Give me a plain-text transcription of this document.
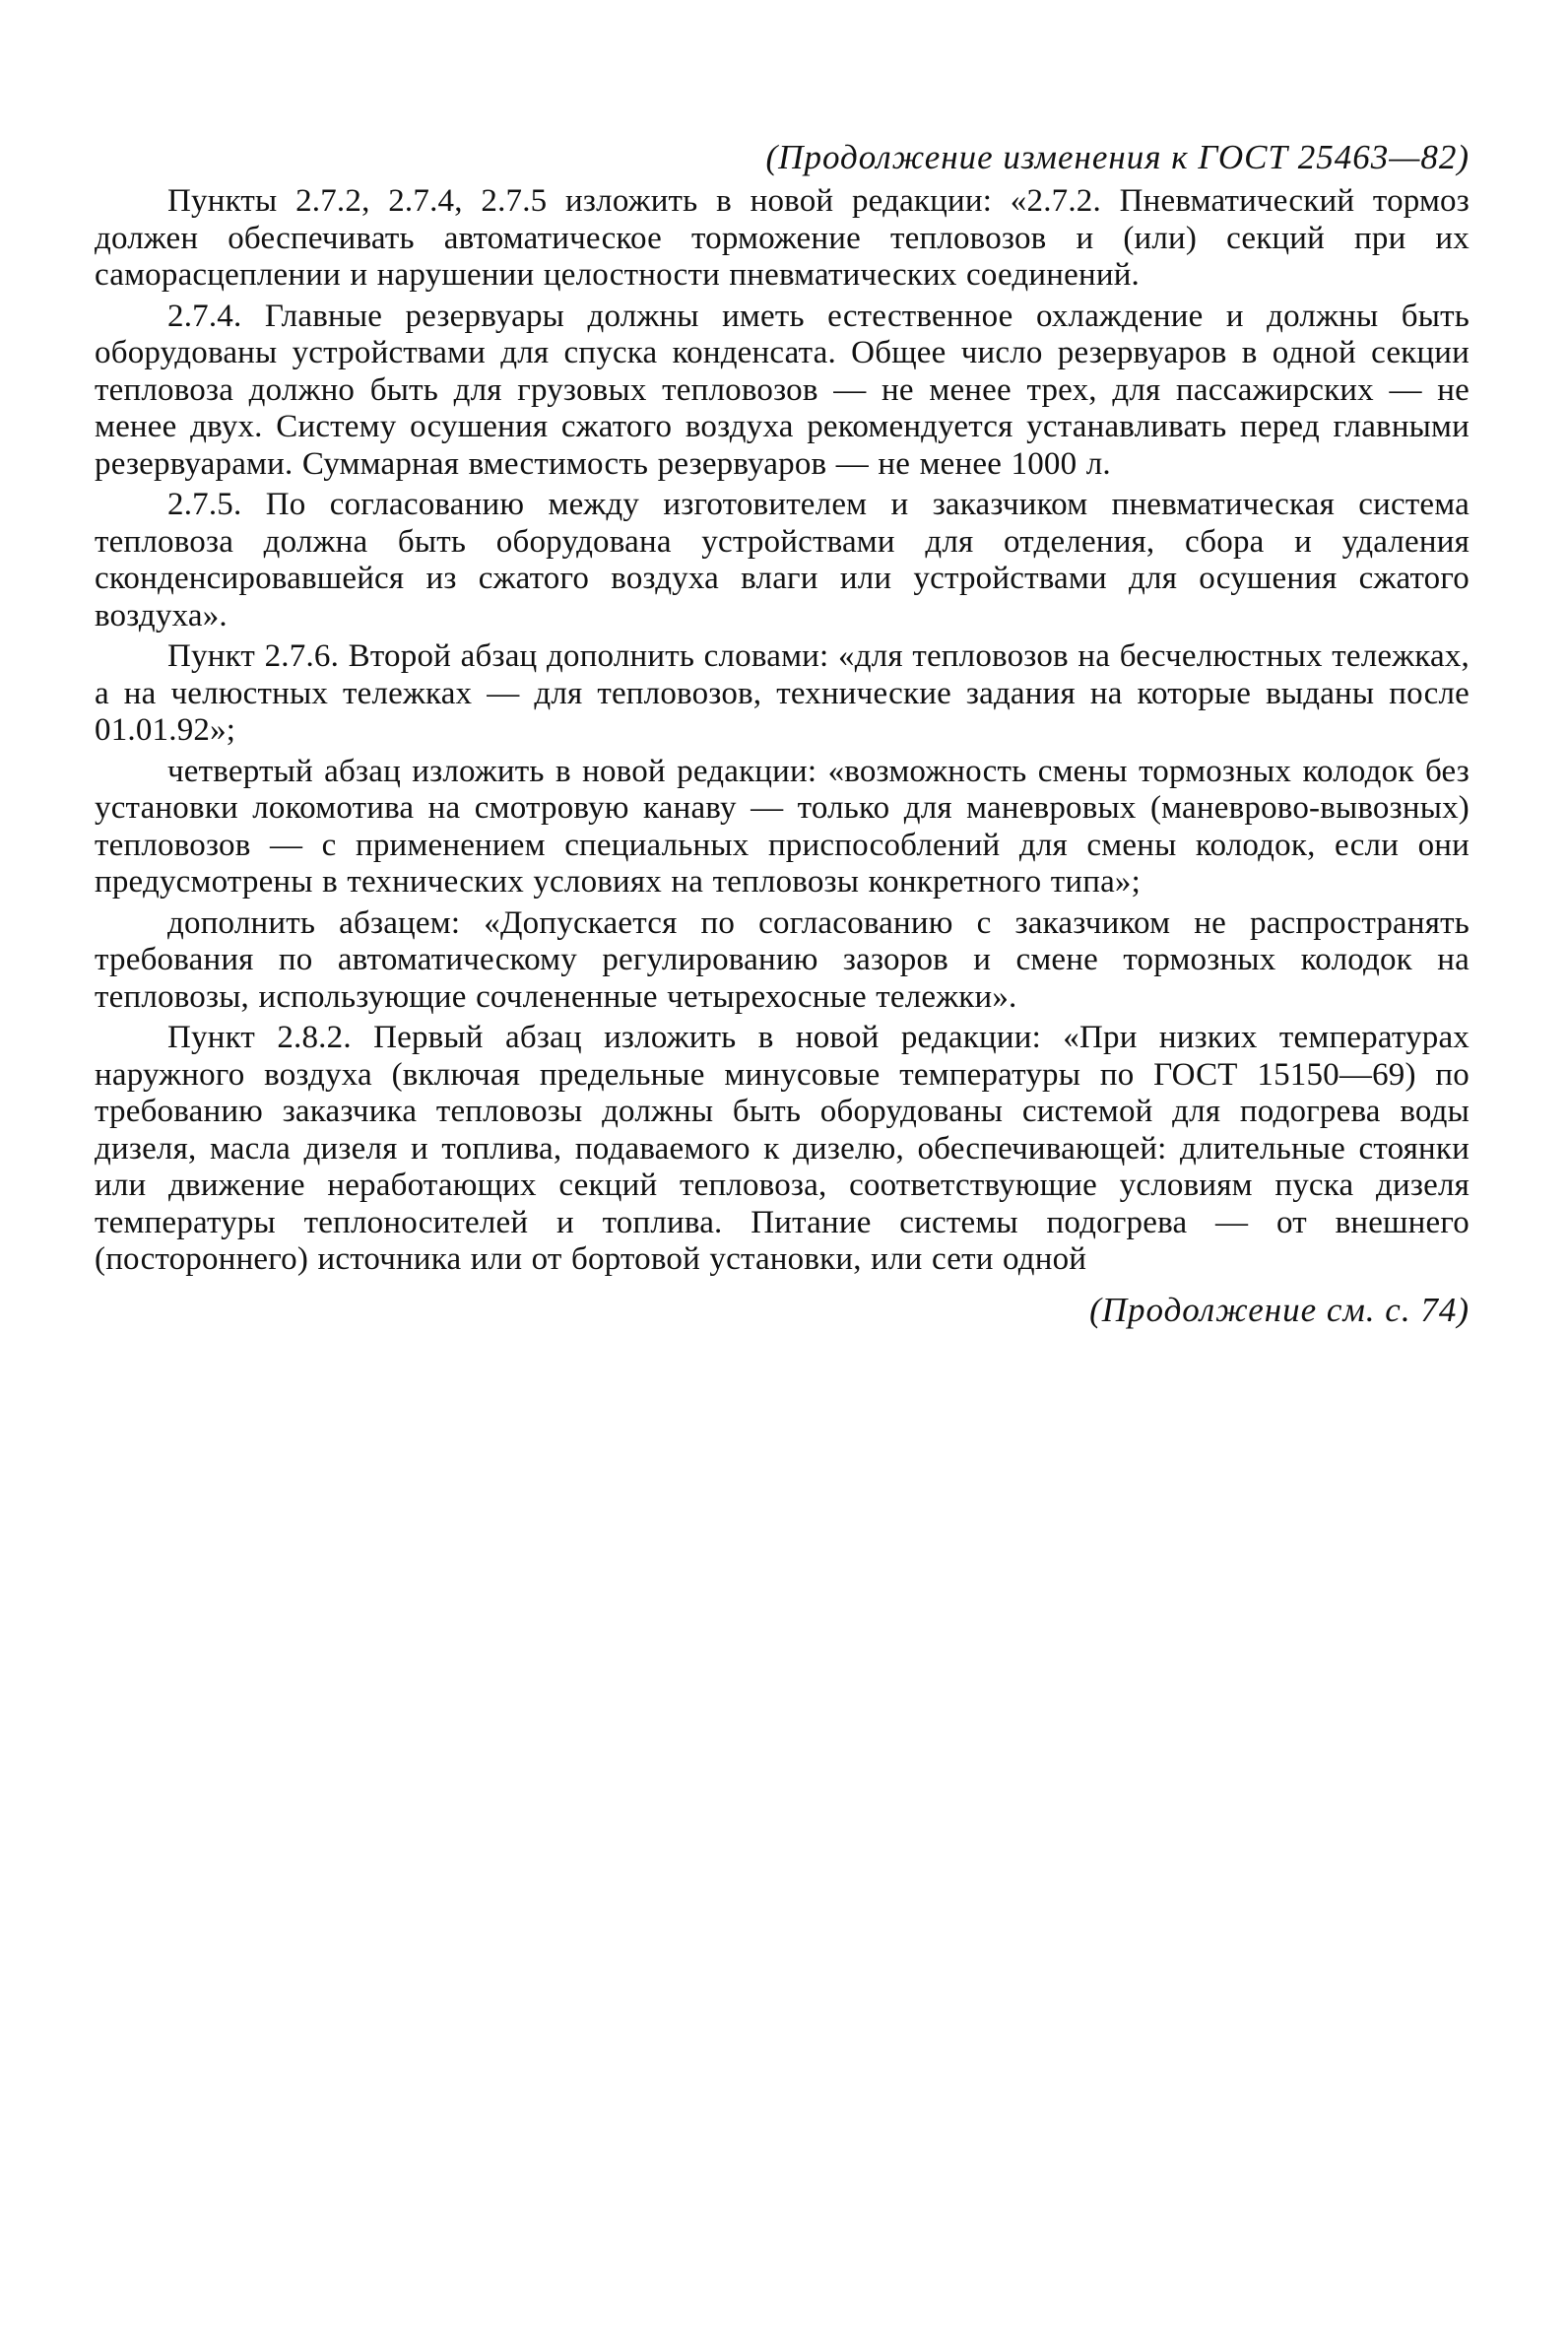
(Продолжение изменения к ГОСТ 25463—82)

Пункты 2.7.2, 2.7.4, 2.7.5 изложить в новой редакции: «2.7.2. Пневматический тормоз должен обеспечивать автоматическое торможение тепловозов и (или) секций при их саморасцеплении и нарушении целостности пневматических соединений.

2.7.4. Главные резервуары должны иметь естественное охлаждение и должны быть оборудованы устройствами для спуска конденсата. Общее число резервуаров в одной секции тепловоза должно быть для грузовых тепловозов — не менее трех, для пассажирских — не менее двух. Систему осушения сжатого воздуха рекомендуется устанавливать перед главными резервуарами. Суммарная вместимость резервуаров — не менее 1000 л.

2.7.5. По согласованию между изготовителем и заказчиком пневматическая система тепловоза должна быть оборудована устройствами для отделения, сбора и удаления сконденсировавшейся из сжатого воздуха влаги или устройствами для осушения сжатого воздуха».

Пункт 2.7.6. Второй абзац дополнить словами: «для тепловозов на бесчелюстных тележках, а на челюстных тележках — для тепловозов, технические задания на которые выданы после 01.01.92»;

четвертый абзац изложить в новой редакции: «возможность смены тормозных колодок без установки локомотива на смотровую канаву — только для маневровых (маневрово-вывозных) тепловозов — с применением специальных приспособлений для смены колодок, если они предусмотрены в технических условиях на тепловозы конкретного типа»;

дополнить абзацем: «Допускается по согласованию с заказчиком не распространять требования по автоматическому регулированию зазоров и смене тормозных колодок на тепловозы, использующие сочлененные четырехосные тележки».

Пункт 2.8.2. Первый абзац изложить в новой редакции: «При низких температурах наружного воздуха (включая предельные минусовые температуры по ГОСТ 15150—69) по требованию заказчика тепловозы должны быть оборудованы системой для подогрева воды дизеля, масла дизеля и топлива, подаваемого к дизелю, обеспечивающей: длительные стоянки или движение неработающих секций тепловоза, соответствующие условиям пуска дизеля температуры теплоносителей и топлива. Питание системы подогрева — от внешнего (постороннего) источника или от бортовой установки, или сети одной

(Продолжение см. с. 74)
